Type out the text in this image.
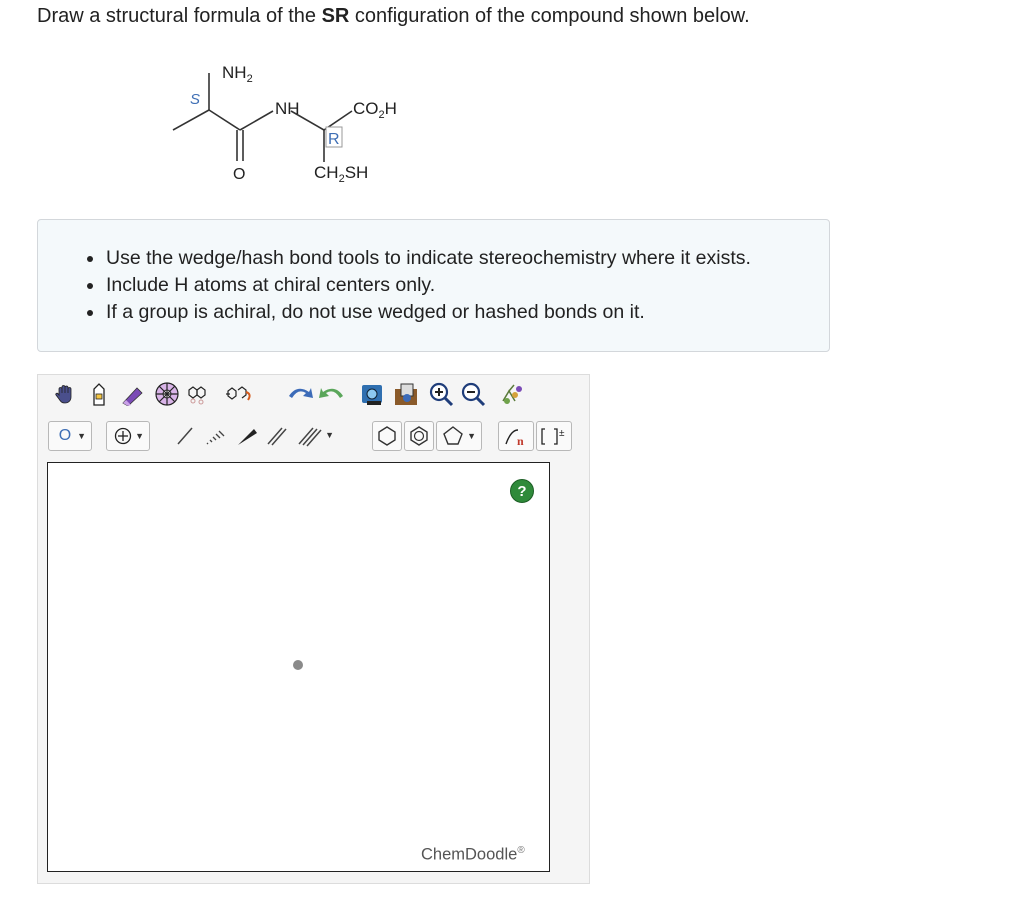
Draw a structural formula of the SR configuration of the compound shown below.
$NH_2$
S	NH	$CO_2H$
R
O	$CH_2SH$
Use the wedge/hash bond tools to indicate stereochemistry where it exists.
Include H atoms at chiral centers only.
If a group is achiral, do not use wedged or hashed bonds on it.
O ▼	▼	▼	▼	n
±
?
ChemDoodle®
